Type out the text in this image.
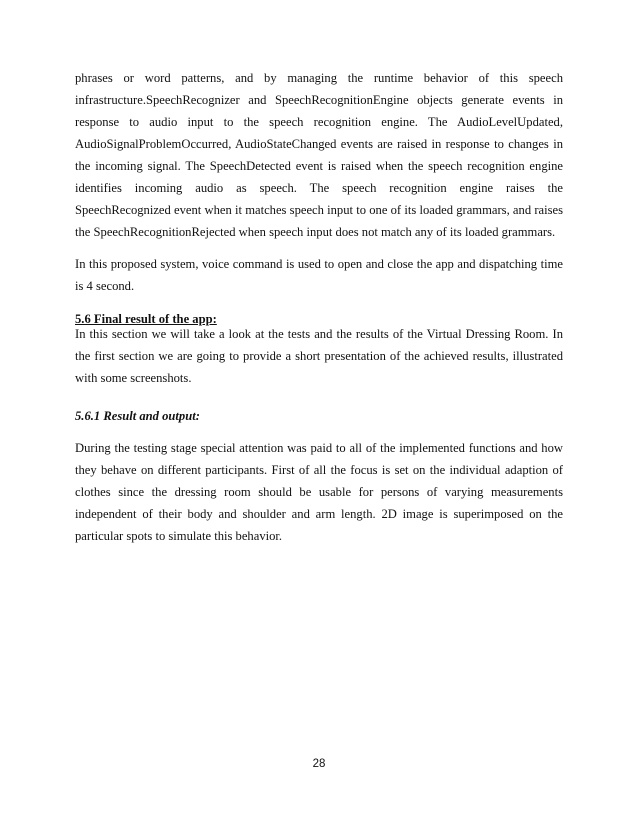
phrases or word patterns, and by managing the runtime behavior of this speech infrastructure.SpeechRecognizer and SpeechRecognitionEngine objects generate events in response to audio input to the speech recognition engine. The AudioLevelUpdated, AudioSignalProblemOccurred, AudioStateChanged events are raised in response to changes in the incoming signal. The SpeechDetected event is raised when the speech recognition engine identifies incoming audio as speech. The speech recognition engine raises the SpeechRecognized event when it matches speech input to one of its loaded grammars, and raises the SpeechRecognitionRejected when speech input does not match any of its loaded grammars.

In this proposed system, voice command is used to open and close the app and dispatching time is 4 second.

5.6 Final result of the app:

In this section we will take a look at the tests and the results of the Virtual Dressing Room. In the first section we are going to provide a short presentation of the achieved results, illustrated with some screenshots.

5.6.1 Result and output:

During the testing stage special attention was paid to all of the implemented functions and how they behave on different participants. First of all the focus is set on the individual adaption of clothes since the dressing room should be usable for persons of varying measurements independent of their body and shoulder and arm length. 2D image is superimposed on the particular spots to simulate this behavior.

28
